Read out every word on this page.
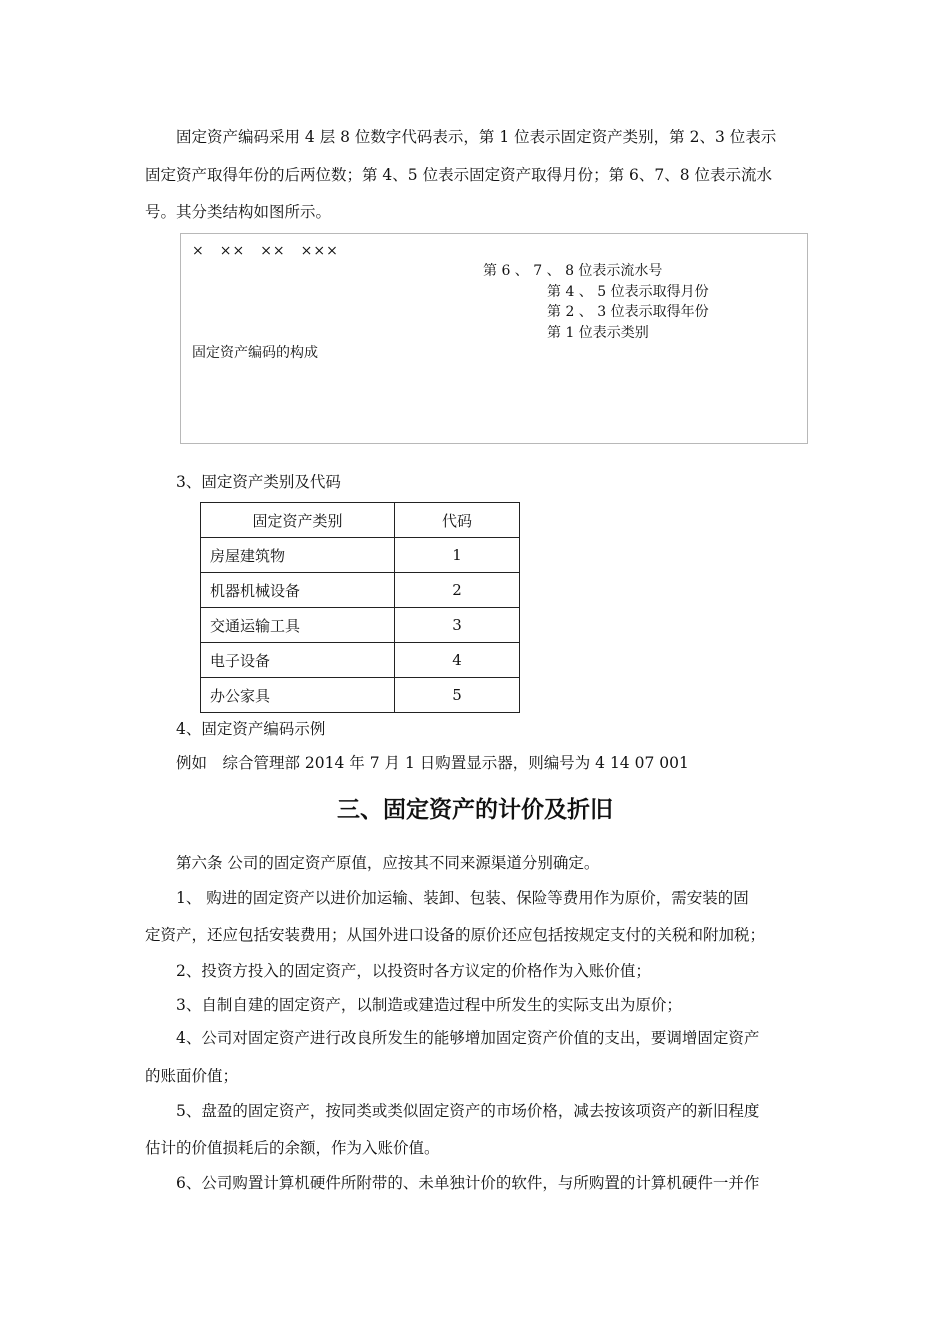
固定资产编码采用 4 层 8 位数字代码表示，第 1 位表示固定资产类别，第 2、3 位表示
固定资产取得年份的后两位数；第 4、5 位表示固定资产取得月份；第 6、7、8 位表示流水
号。其分类结构如图所示。
×　××　××　×××
第 6 、 7 、 8 位表示流水号
第 4 、 5 位表示取得月份
第 2 、 3 位表示取得年份
第 1 位表示类别
固定资产编码的构成
3、固定资产类别及代码
固定资产类别	代码
房屋建筑物	1
机器机械设备	2
交通运输工具	3
电子设备	4
办公家具	5
4、固定资产编码示例
例如　综合管理部 2014 年 7 月 1 日购置显示器，则编号为 4 14 07 001
三、固定资产的计价及折旧
第六条 公司的固定资产原值，应按其不同来源渠道分别确定。
1、 购进的固定资产以进价加运输、装卸、包装、保险等费用作为原价，需安装的固
定资产，还应包括安装费用；从国外进口设备的原价还应包括按规定支付的关税和附加税；
2、投资方投入的固定资产，以投资时各方议定的价格作为入账价值；
3、自制自建的固定资产，以制造或建造过程中所发生的实际支出为原价；
4、公司对固定资产进行改良所发生的能够增加固定资产价值的支出，要调增固定资产
的账面价值；
5、盘盈的固定资产，按同类或类似固定资产的市场价格，减去按该项资产的新旧程度
估计的价值损耗后的余额，作为入账价值。
6、公司购置计算机硬件所附带的、未单独计价的软件，与所购置的计算机硬件一并作
